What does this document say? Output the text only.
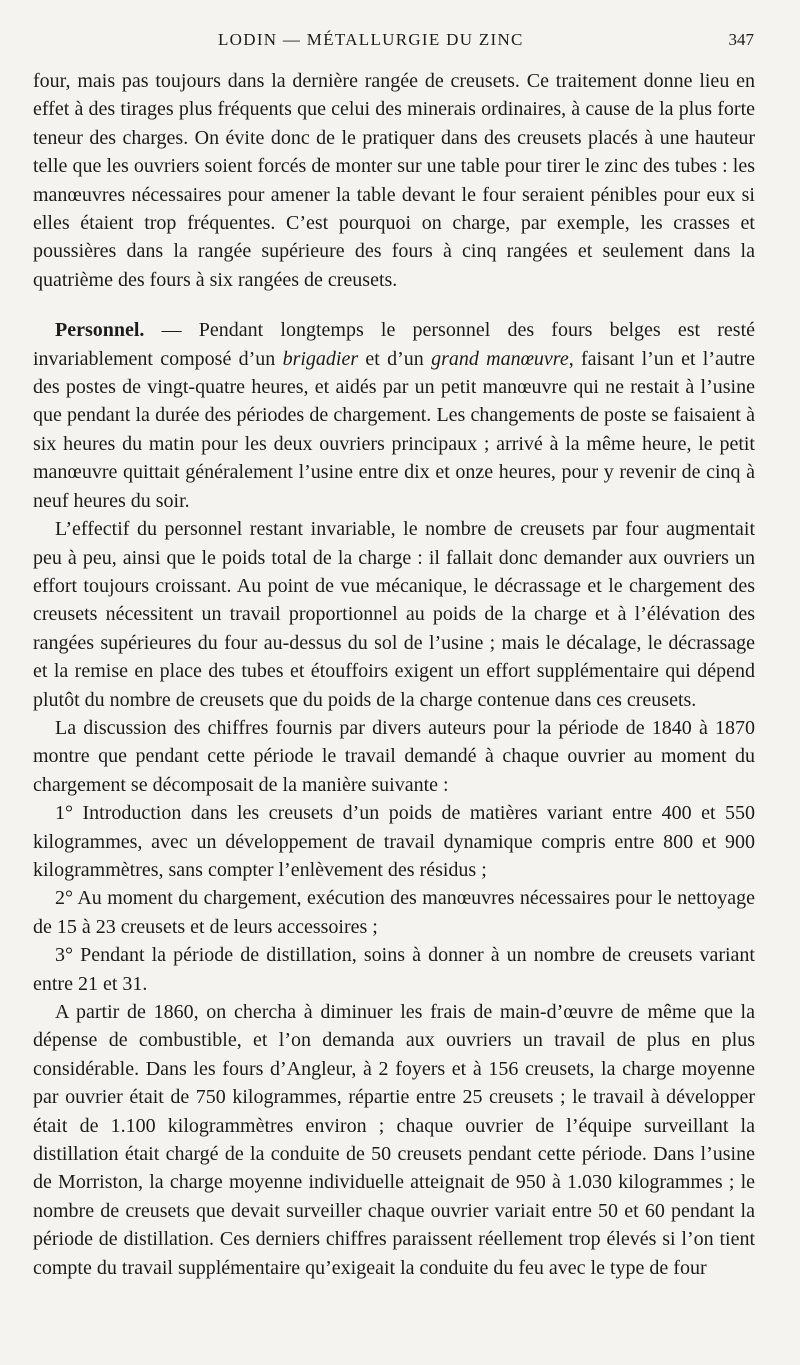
LODIN — MÉTALLURGIE DU ZINC	347

four, mais pas toujours dans la dernière rangée de creusets. Ce traitement donne lieu en effet à des tirages plus fréquents que celui des minerais ordinaires, à cause de la plus forte teneur des charges. On évite donc de le pratiquer dans des creusets placés à une hauteur telle que les ouvriers soient forcés de monter sur une table pour tirer le zinc des tubes : les manœuvres nécessaires pour amener la table devant le four seraient pénibles pour eux si elles étaient trop fréquentes. C’est pourquoi on charge, par exemple, les crasses et poussières dans la rangée supérieure des fours à cinq rangées et seulement dans la quatrième des fours à six rangées de creusets.

Personnel. — Pendant longtemps le personnel des fours belges est resté invariablement composé d’un brigadier et d’un grand manœuvre, faisant l’un et l’autre des postes de vingt-quatre heures, et aidés par un petit manœuvre qui ne restait à l’usine que pendant la durée des périodes de chargement. Les changements de poste se faisaient à six heures du matin pour les deux ouvriers principaux ; arrivé à la même heure, le petit manœuvre quittait généralement l’usine entre dix et onze heures, pour y revenir de cinq à neuf heures du soir.

L’effectif du personnel restant invariable, le nombre de creusets par four augmentait peu à peu, ainsi que le poids total de la charge : il fallait donc demander aux ouvriers un effort toujours croissant. Au point de vue mécanique, le décrassage et le chargement des creusets nécessitent un travail proportionnel au poids de la charge et à l’élévation des rangées supérieures du four au-dessus du sol de l’usine ; mais le décalage, le décrassage et la remise en place des tubes et étouffoirs exigent un effort supplémentaire qui dépend plutôt du nombre de creusets que du poids de la charge contenue dans ces creusets.

La discussion des chiffres fournis par divers auteurs pour la période de 1840 à 1870 montre que pendant cette période le travail demandé à chaque ouvrier au moment du chargement se décomposait de la manière suivante :

1° Introduction dans les creusets d’un poids de matières variant entre 400 et 550 kilogrammes, avec un développement de travail dynamique compris entre 800 et 900 kilogrammètres, sans compter l’enlèvement des résidus ;

2° Au moment du chargement, exécution des manœuvres nécessaires pour le nettoyage de 15 à 23 creusets et de leurs accessoires ;

3° Pendant la période de distillation, soins à donner à un nombre de creusets variant entre 21 et 31.

A partir de 1860, on chercha à diminuer les frais de main-d’œuvre de même que la dépense de combustible, et l’on demanda aux ouvriers un travail de plus en plus considérable. Dans les fours d’Angleur, à 2 foyers et à 156 creusets, la charge moyenne par ouvrier était de 750 kilogrammes, répartie entre 25 creusets ; le travail à développer était de 1.100 kilogrammètres environ ; chaque ouvrier de l’équipe surveillant la distillation était chargé de la conduite de 50 creusets pendant cette période. Dans l’usine de Morriston, la charge moyenne individuelle atteignait de 950 à 1.030 kilogrammes ; le nombre de creusets que devait surveiller chaque ouvrier variait entre 50 et 60 pendant la période de distillation. Ces derniers chiffres paraissent réellement trop élevés si l’on tient compte du travail supplémentaire qu’exigeait la conduite du feu avec le type de four
